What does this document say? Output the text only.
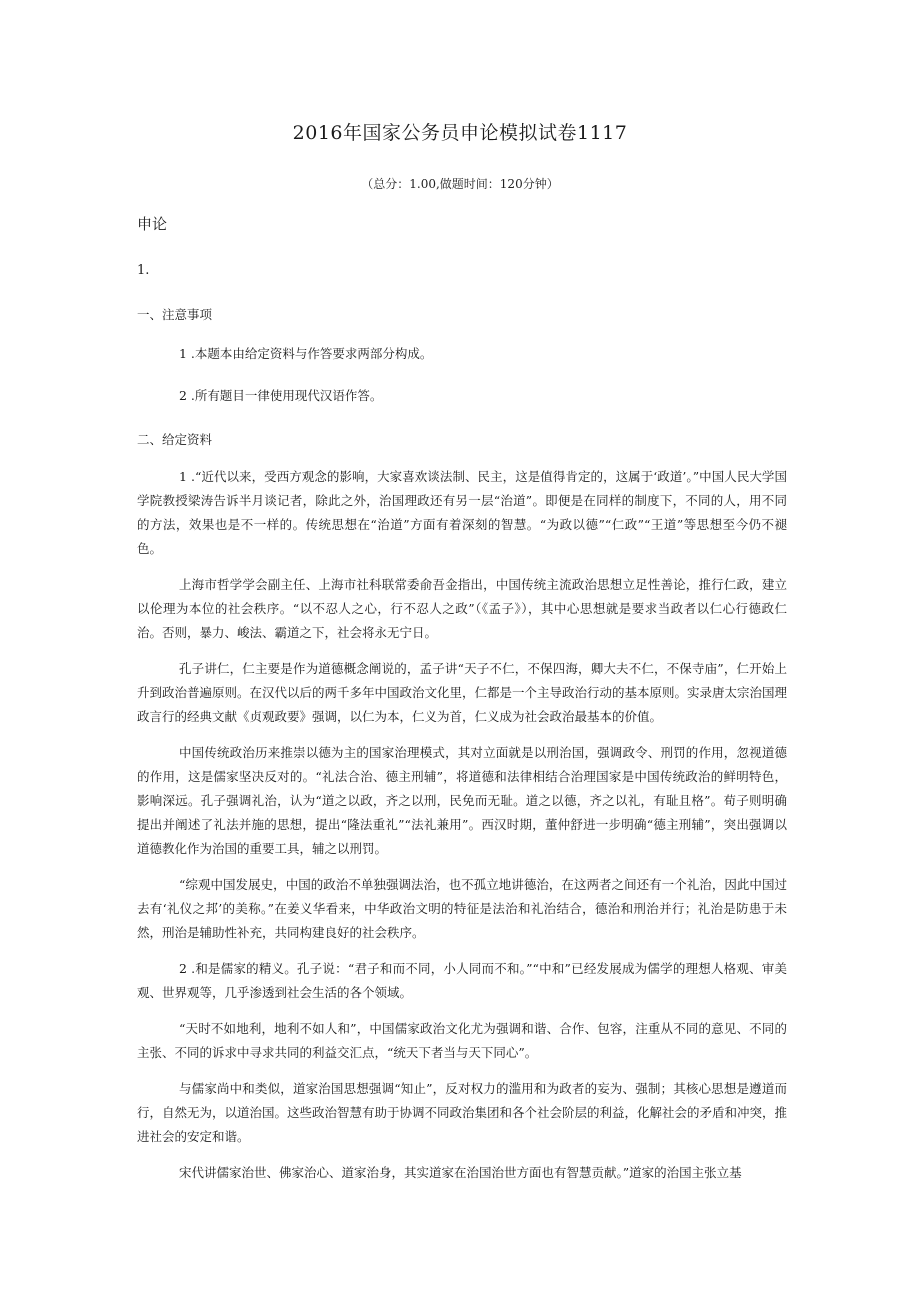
2016年国家公务员申论模拟试卷1117
（总分：1.00,做题时间：120分钟）
申论
1.
一、注意事项

1 .本题本由给定资料与作答要求两部分构成。

2 .所有题目一律使用现代汉语作答。

二、给定资料

1 .“近代以来，受西方观念的影响，大家喜欢谈法制、民主，这是值得肯定的，这属于‘政道’。”中国人民大学国学院教授梁涛告诉半月谈记者，除此之外，治国理政还有另一层“治道”。即便是在同样的制度下，不同的人，用不同的方法，效果也是不一样的。传统思想在“治道”方面有着深刻的智慧。“为政以德”“仁政”“王道”等思想至今仍不褪色。

上海市哲学学会副主任、上海市社科联常委俞吾金指出，中国传统主流政治思想立足性善论，推行仁政，建立以伦理为本位的社会秩序。“以不忍人之心，行不忍人之政”（《孟子》），其中心思想就是要求当政者以仁心行德政仁治。否则，暴力、峻法、霸道之下，社会将永无宁日。

孔子讲仁，仁主要是作为道德概念阐说的，孟子讲“天子不仁，不保四海，卿大夫不仁，不保寺庙”，仁开始上升到政治普遍原则。在汉代以后的两千多年中国政治文化里，仁都是一个主导政治行动的基本原则。实录唐太宗治国理政言行的经典文献《贞观政要》强调，以仁为本，仁义为首，仁义成为社会政治最基本的价值。

中国传统政治历来推崇以德为主的国家治理模式，其对立面就是以刑治国，强调政令、刑罚的作用，忽视道德的作用，这是儒家坚决反对的。“礼法合治、德主刑辅”，将道德和法律相结合治理国家是中国传统政治的鲜明特色，影响深远。孔子强调礼治，认为“道之以政，齐之以刑，民免而无耻。道之以德，齐之以礼，有耻且格”。荀子则明确提出并阐述了礼法并施的思想，提出“隆法重礼”“法礼兼用”。西汉时期，董仲舒进一步明确“德主刑辅”，突出强调以道德教化作为治国的重要工具，辅之以刑罚。

“综观中国发展史，中国的政治不单独强调法治，也不孤立地讲德治，在这两者之间还有一个礼治，因此中国过去有‘礼仪之邦’的美称。”在姜义华看来，中华政治文明的特征是法治和礼治结合，德治和刑治并行；礼治是防患于未然，刑治是辅助性补充，共同构建良好的社会秩序。

2 .和是儒家的精义。孔子说：“君子和而不同，小人同而不和。”“中和”已经发展成为儒学的理想人格观、审美观、世界观等，几乎渗透到社会生活的各个领域。

“天时不如地利，地利不如人和”，中国儒家政治文化尤为强调和谐、合作、包容，注重从不同的意见、不同的主张、不同的诉求中寻求共同的利益交汇点，“统天下者当与天下同心”。

与儒家尚中和类似，道家治国思想强调“知止”，反对权力的滥用和为政者的妄为、强制；其核心思想是遵道而行，自然无为，以道治国。这些政治智慧有助于协调不同政治集团和各个社会阶层的利益，化解社会的矛盾和冲突，推进社会的安定和谐。

宋代讲儒家治世、佛家治心、道家治身，其实道家在治国治世方面也有智慧贡献。”道家的治国主张立基
